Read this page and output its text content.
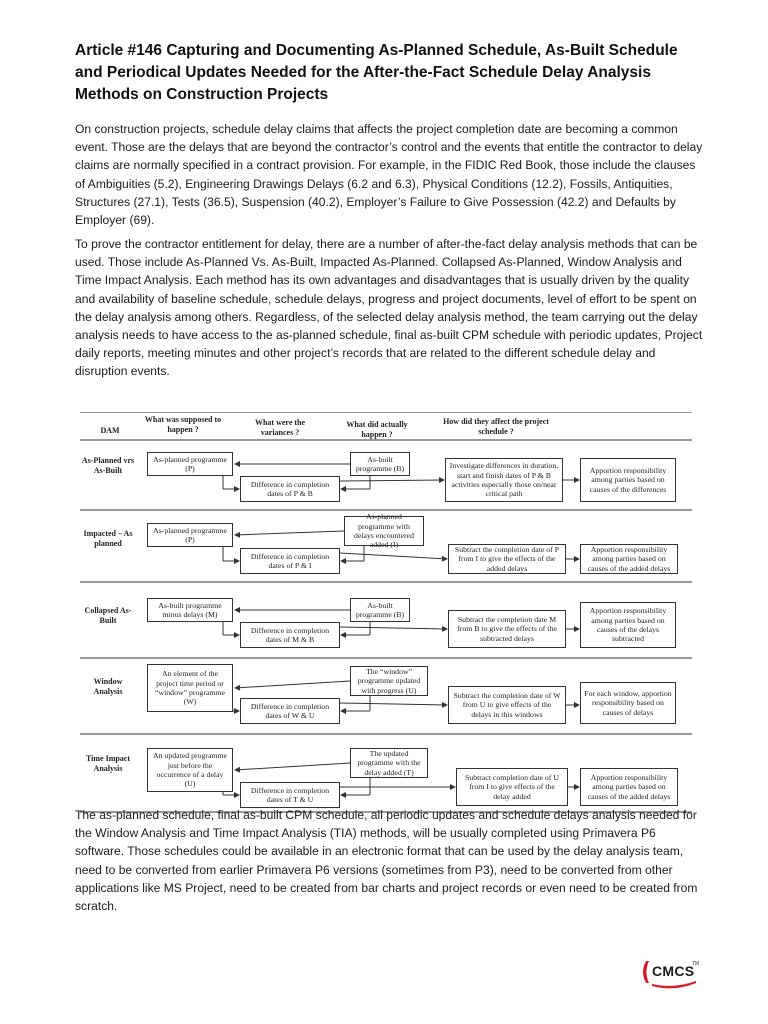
Article #146 Capturing and Documenting As-Planned Schedule, As-Built Schedule and Periodical Updates Needed for the After-the-Fact Schedule Delay Analysis Methods on Construction Projects

On construction projects, schedule delay claims that affects the project completion date are becoming a common event. Those are the delays that are beyond the contractor’s control and the events that entitle the contractor to delay claims are normally specified in a contract provision. For example, in the FIDIC Red Book, those include the clauses of Ambiguities (5.2), Engineering Drawings Delays (6.2 and 6.3), Physical Conditions (12.2), Fossils, Antiquities, Structures (27.1), Tests (36.5), Suspension (40.2), Employer’s Failure to Give Possession (42.2) and Defaults by Employer (69).

To prove the contractor entitlement for delay, there are a number of after-the-fact delay analysis methods that can be used. Those include As-Planned Vs. As-Built, Impacted As-Planned. Collapsed As-Planned, Window Analysis and Time Impact Analysis. Each method has its own advantages and disadvantages that is usually driven by the quality and availability of baseline schedule, schedule delays, progress and project documents, level of effort to be spent on the delay analysis among others. Regardless, of the selected delay analysis method, the team carrying out the delay analysis needs to have access to the as-planned schedule, final as-built CPM schedule with periodic updates, Project daily reports, meeting minutes and other project’s records that are related to the different schedule delay and disruption events.

DAM
What was supposed to happen ?
What were the variances ?
What did actually happen ?
How did they affect the project schedule ?
As-Planned vrs As-Built
As-planned programme (P)
As-built programme (B)
Difference in completion dates of P & B
Investigate differences in duration, start and finish dates of P & B activities especially those on/near critical path
Apportion responsibility among parties based on causes of the differences
Impacted – As planned
As-planned programme (P)
As-planned programme with delays encountered added (I)
Difference in completion dates of P & I
Subtract the completion date of P from I to give the effects of the added delays
Apportion responsibility among parties based on causes of the added delays
Collapsed As-Built
As-built programme minus delays (M)
As-built programme (B)
Difference in completion dates of M & B
Subtract the completion date M from B to give the effects of the subtracted delays
Apportion responsibility among parties based on causes of the delays subtracted
Window Analysis
An element of the project time period or “window” programme (W)
The “window” programme updated with progress (U)
Difference in completion dates of W & U
Subtract the completion date of W from U to give effects of the delays in this windows
For each window, apportion responsibility based on causes of delays
Time Impact Analysis
An updated programme just before the occurrence of a delay (U)
The updated programme with the delay added (T)
Difference in completion dates of T & U
Subtract completion date of U from I to give effects of the delay added
Apportion responsibility among parties based on causes of the added delays

The as-planned schedule, final as-built CPM schedule, all periodic updates and schedule delays analysis needed for the Window Analysis and Time Impact Analysis (TIA) methods, will be usually completed using Primavera P6 software. Those schedules could be available in an electronic format that can be used by the delay analysis team, need to be converted from earlier Primavera P6 versions (sometimes from P3), need to be converted from other applications like MS Project, need to be created from bar charts and project records or even need to be created from scratch.

CMCS
TM
